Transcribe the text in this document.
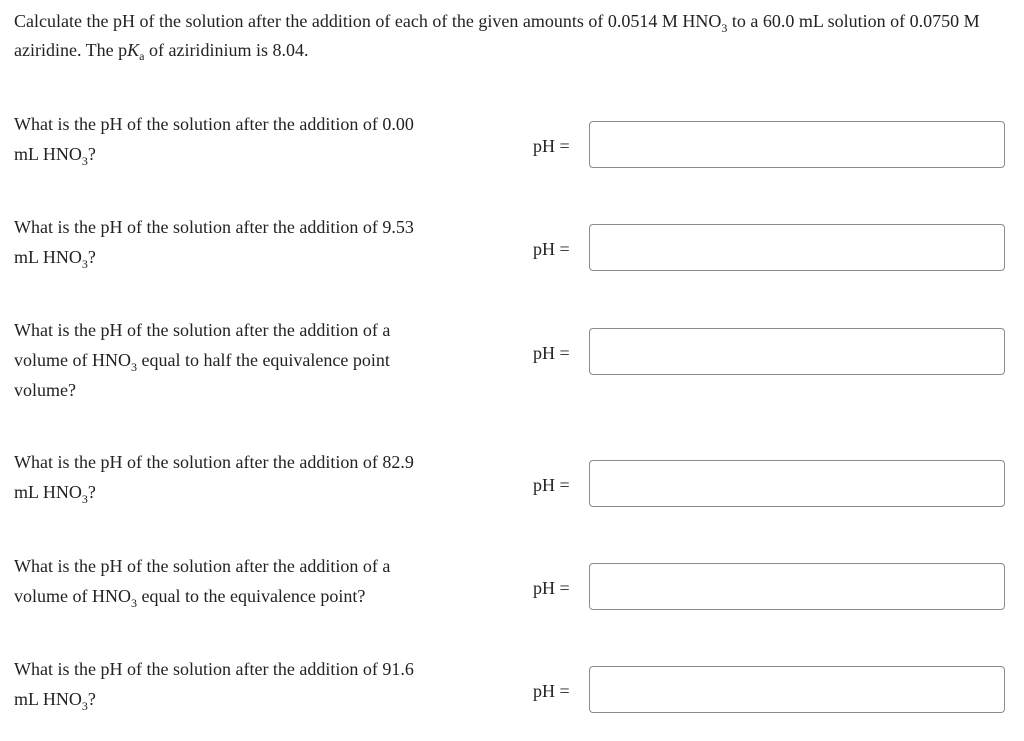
Calculate the pH of the solution after the addition of each of the given amounts of 0.0514 M $HNO_3$ to a 60.0 mL solution of 0.0750 M aziridine. The $pK_a$ of aziridinium is 8.04.
What is the pH of the solution after the addition of 0.00 mL $HNO_3$?	pH =
What is the pH of the solution after the addition of 9.53 mL $HNO_3$?	pH =
What is the pH of the solution after the addition of a volume of $HNO_3$ equal to half the equivalence point volume?
pH =
What is the pH of the solution after the addition of 82.9 mL $HNO_3$?	pH =
What is the pH of the solution after the addition of a volume of $HNO_3$ equal to the equivalence point?	pH =
What is the pH of the solution after the addition of 91.6 mL $HNO_3$?	pH =
